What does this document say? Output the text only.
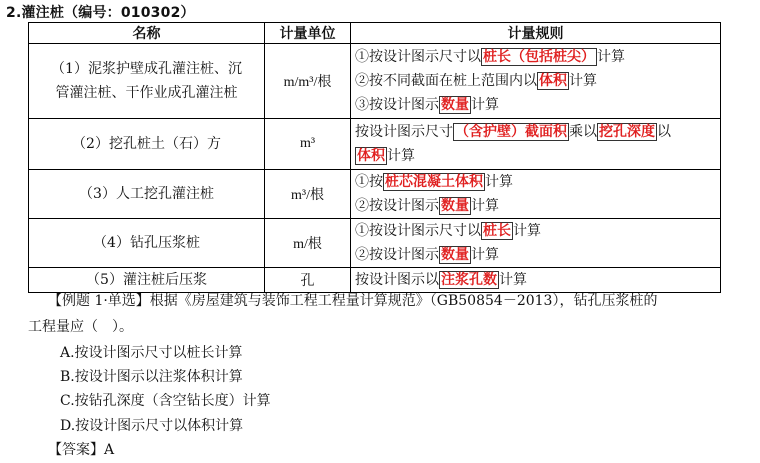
2.灌注桩（编号：010302）
名称	计量单位	计量规则

（1）泥浆护壁成孔灌注桩、沉
管灌注桩、干作业成孔灌注桩	m/m³/根	①按设计图示尺寸以 桩长（包括桩尖） 计算
②按不同截面在桩上范围内以 体积 计算
③按设计图示 数量 计算

（2）挖孔桩土（石）方	m³	按设计图示尺寸 （含护壁）截面积 乘以 挖孔深度 以
体积 计算

（3）人工挖孔灌注桩	m³/根	①按 桩芯混凝土体积 计算
②按设计图示 数量 计算

（4）钻孔压浆桩	m/根	①按设计图示尺寸以 桩长 计算
②按设计图示 数量 计算

（5）灌注桩后压浆	孔	按设计图示以 注浆孔数 计算
【例题 1·单选】根据《房屋建筑与装饰工程工程量计算规范》（GB50854－2013），钻孔压浆桩的
工程量应（　）。
A.按设计图示尺寸以桩长计算
B.按设计图示以注浆体积计算
C.按钻孔深度（含空钻长度）计算
D.按设计图示尺寸以体积计算
【答案】A
